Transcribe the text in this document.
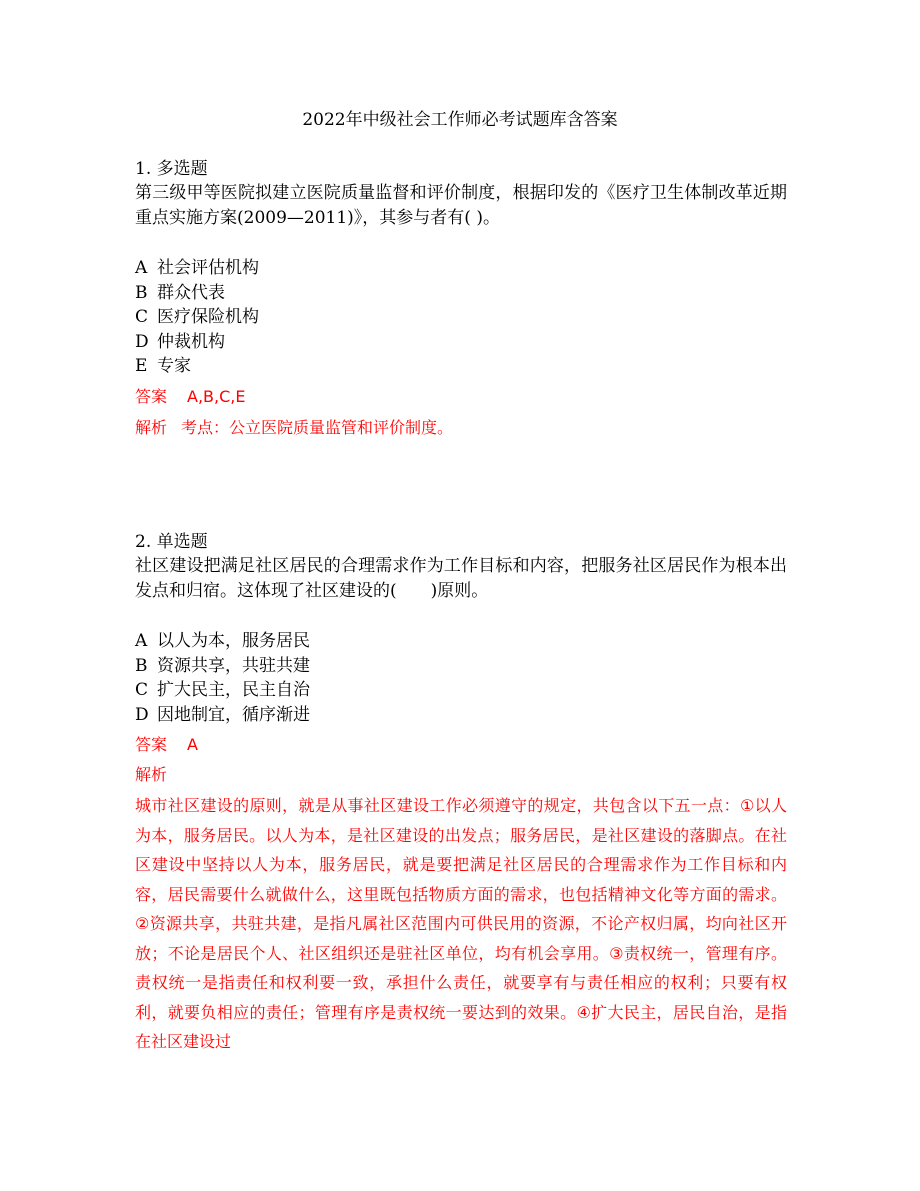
2022年中级社会工作师必考试题库含答案

1. 多选题

第三级甲等医院拟建立医院质量监督和评价制度，根据印发的《医疗卫生体制改革近期重点实施方案(2009—2011)》，其参与者有( )。

A 社会评估机构
B 群众代表
C 医疗保险机构
D 仲裁机构
E 专家
答案 A,B,C,E
解析 考点：公立医院质量监管和评价制度。

2. 单选题

社区建设把满足社区居民的合理需求作为工作目标和内容，把服务社区居民作为根本出发点和归宿。这体现了社区建设的(　　)原则。

A 以人为本，服务居民
B 资源共享，共驻共建
C 扩大民主，民主自治
D 因地制宜，循序渐进
答案 A
解析

城市社区建设的原则，就是从事社区建设工作必须遵守的规定，共包含以下五一点：①以人为本，服务居民。以人为本，是社区建设的出发点；服务居民，是社区建设的落脚点。在社区建设中坚持以人为本，服务居民，就是要把满足社区居民的合理需求作为工作目标和内容，居民需要什么就做什么，这里既包括物质方面的需求，也包括精神文化等方面的需求。②资源共享，共驻共建，是指凡属社区范围内可供民用的资源，不论产权归属，均向社区开放；不论是居民个人、社区组织还是驻社区单位，均有机会享用。③责权统一，管理有序。责权统一是指责任和权利要一致，承担什么责任，就要享有与责任相应的权利；只要有权利，就要负相应的责任；管理有序是责权统一要达到的效果。④扩大民主，居民自治，是指在社区建设过
